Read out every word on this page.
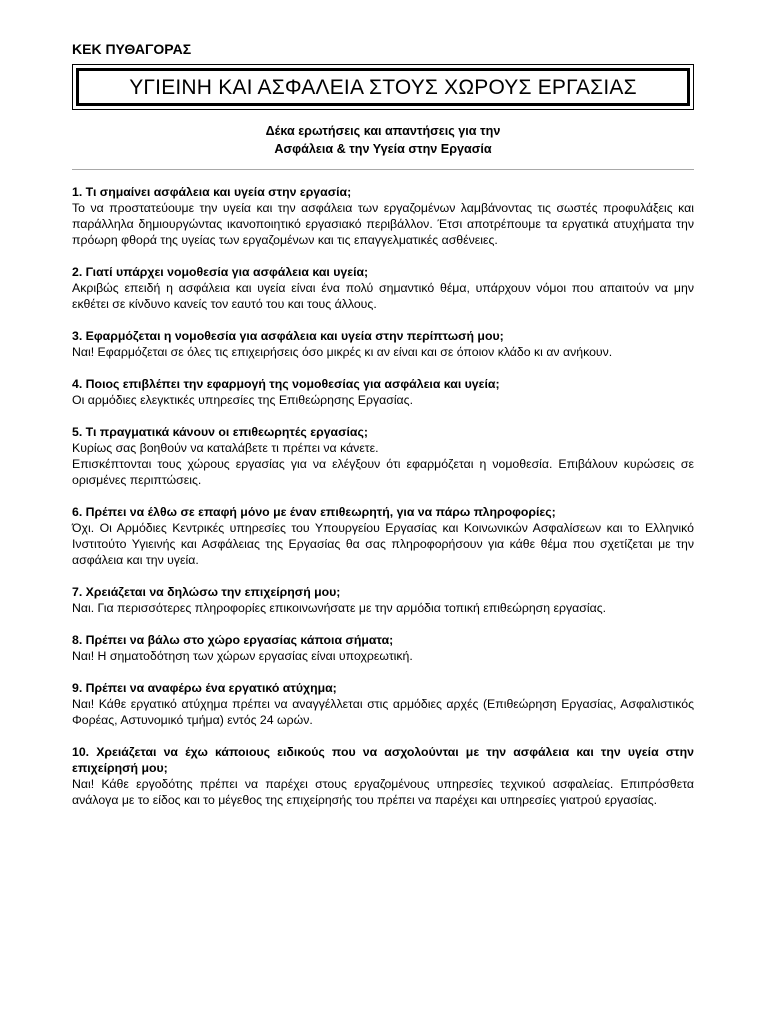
ΚΕΚ ΠΥΘΑΓΟΡΑΣ
ΥΓΙΕΙΝΗ ΚΑΙ ΑΣΦΑΛΕΙΑ ΣΤΟΥΣ ΧΩΡΟΥΣ ΕΡΓΑΣΙΑΣ
Δέκα ερωτήσεις και απαντήσεις για την
Ασφάλεια & την Υγεία στην Εργασία
1. Τι σημαίνει ασφάλεια και υγεία στην εργασία;
Το να προστατεύουμε την υγεία και την ασφάλεια των εργαζομένων λαμβάνοντας τις σωστές προφυλάξεις και παράλληλα δημιουργώντας ικανοποιητικό εργασιακό περιβάλλον. Έτσι αποτρέπουμε τα εργατικά ατυχήματα την πρόωρη φθορά της υγείας των εργαζομένων και τις επαγγελματικές ασθένειες.
2. Γιατί υπάρχει νομοθεσία για ασφάλεια και υγεία;
Ακριβώς επειδή η ασφάλεια και υγεία είναι ένα πολύ σημαντικό θέμα, υπάρχουν νόμοι που απαιτούν να μην εκθέτει σε κίνδυνο κανείς τον εαυτό του και τους άλλους.
3. Εφαρμόζεται η νομοθεσία για ασφάλεια και υγεία στην περίπτωσή μου;
Ναι! Εφαρμόζεται σε όλες τις επιχειρήσεις όσο μικρές κι αν είναι και σε όποιον κλάδο κι αν ανήκουν.
4. Ποιος επιβλέπει την εφαρμογή της νομοθεσίας για ασφάλεια και υγεία;
Οι αρμόδιες ελεγκτικές υπηρεσίες της Επιθεώρησης Εργασίας.
5. Τι πραγματικά κάνουν οι επιθεωρητές εργασίας;
Κυρίως σας βοηθούν να καταλάβετε τι πρέπει να κάνετε.
Επισκέπτονται τους χώρους εργασίας για να ελέγξουν ότι εφαρμόζεται η νομοθεσία. Επιβάλουν κυρώσεις σε ορισμένες περιπτώσεις.
6. Πρέπει να έλθω σε επαφή μόνο με έναν επιθεωρητή, για να πάρω πληροφορίες;
Όχι. Οι Αρμόδιες Κεντρικές υπηρεσίες του Υπουργείου Εργασίας και Κοινωνικών Ασφαλίσεων και το Ελληνικό Ινστιτούτο Υγιεινής και Ασφάλειας της Εργασίας θα σας πληροφορήσουν για κάθε θέμα που σχετίζεται με την ασφάλεια και την υγεία.
7. Χρειάζεται να δηλώσω την επιχείρησή μου;
Ναι. Για περισσότερες πληροφορίες επικοινωνήσατε με την αρμόδια τοπική επιθεώρηση εργασίας.
8. Πρέπει να βάλω στο χώρο εργασίας κάποια σήματα;
Ναι! Η σηματοδότηση των χώρων εργασίας είναι υποχρεωτική.
9. Πρέπει να αναφέρω ένα εργατικό ατύχημα;
Ναι! Κάθε εργατικό ατύχημα πρέπει να αναγγέλλεται στις αρμόδιες αρχές (Επιθεώρηση Εργασίας, Ασφαλιστικός Φορέας, Αστυνομικό τμήμα) εντός 24 ωρών.
10. Χρειάζεται να έχω κάποιους ειδικούς που να ασχολούνται με την ασφάλεια και την υγεία στην επιχείρησή μου;
Ναι! Κάθε εργοδότης πρέπει να παρέχει στους εργαζομένους υπηρεσίες τεχνικού ασφαλείας. Επιπρόσθετα ανάλογα με το είδος και το μέγεθος της επιχείρησής του πρέπει να παρέχει και υπηρεσίες γιατρού εργασίας.
